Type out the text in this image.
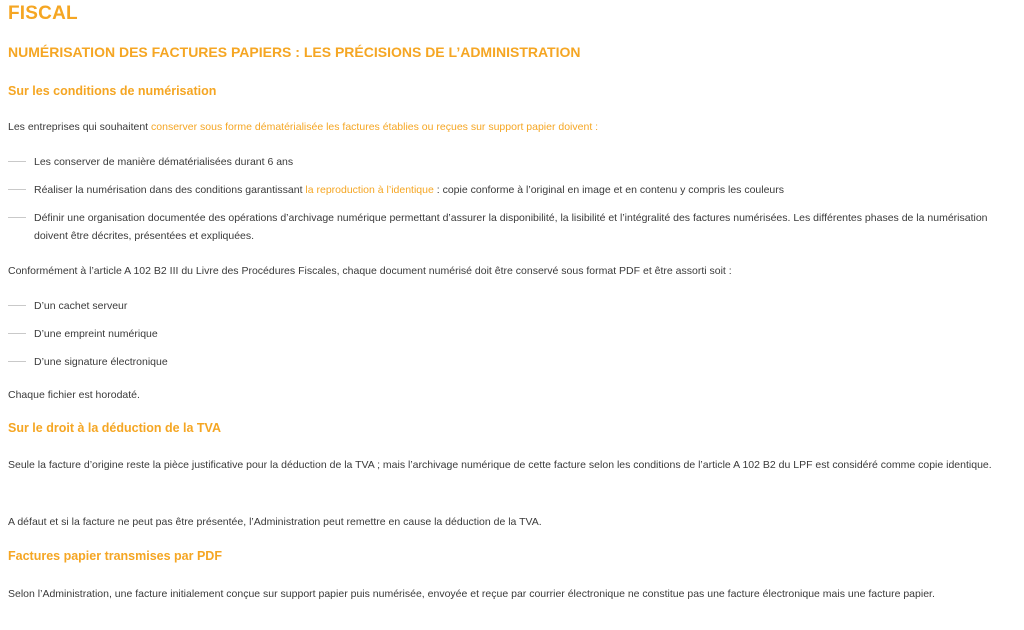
FISCAL
NUMÉRISATION DES FACTURES PAPIERS : LES PRÉCISIONS DE L’ADMINISTRATION
Sur les conditions de numérisation

Les entreprises qui souhaitent conserver sous forme dématérialisée les factures établies ou reçues sur support papier doivent :

Les conserver de manière dématérialisées durant 6 ans
Réaliser la numérisation dans des conditions garantissant la reproduction à l’identique : copie conforme à l’original en image et en contenu y compris les couleurs
Définir une organisation documentée des opérations d’archivage numérique permettant d’assurer la disponibilité, la lisibilité et l’intégralité des factures numérisées. Les différentes phases de la numérisation doivent être décrites, présentées et expliquées.

Conformément à l’article A 102 B2 III du Livre des Procédures Fiscales, chaque document numérisé doit être conservé sous format PDF et être assorti soit :

D’un cachet serveur
D’une empreint numérique
D’une signature électronique

Chaque fichier est horodaté.

Sur le droit à la déduction de la TVA

Seule la facture d’origine reste la pièce justificative pour la déduction de la TVA ; mais l’archivage numérique de cette facture selon les conditions de l’article A 102 B2 du LPF est considéré comme copie identique.

A défaut et si la facture ne peut pas être présentée, l’Administration peut remettre en cause la déduction de la TVA.

Factures papier transmises par PDF

Selon l’Administration, une facture initialement conçue sur support papier puis numérisée, envoyée et reçue par courrier électronique ne constitue pas une facture électronique mais une facture papier.
